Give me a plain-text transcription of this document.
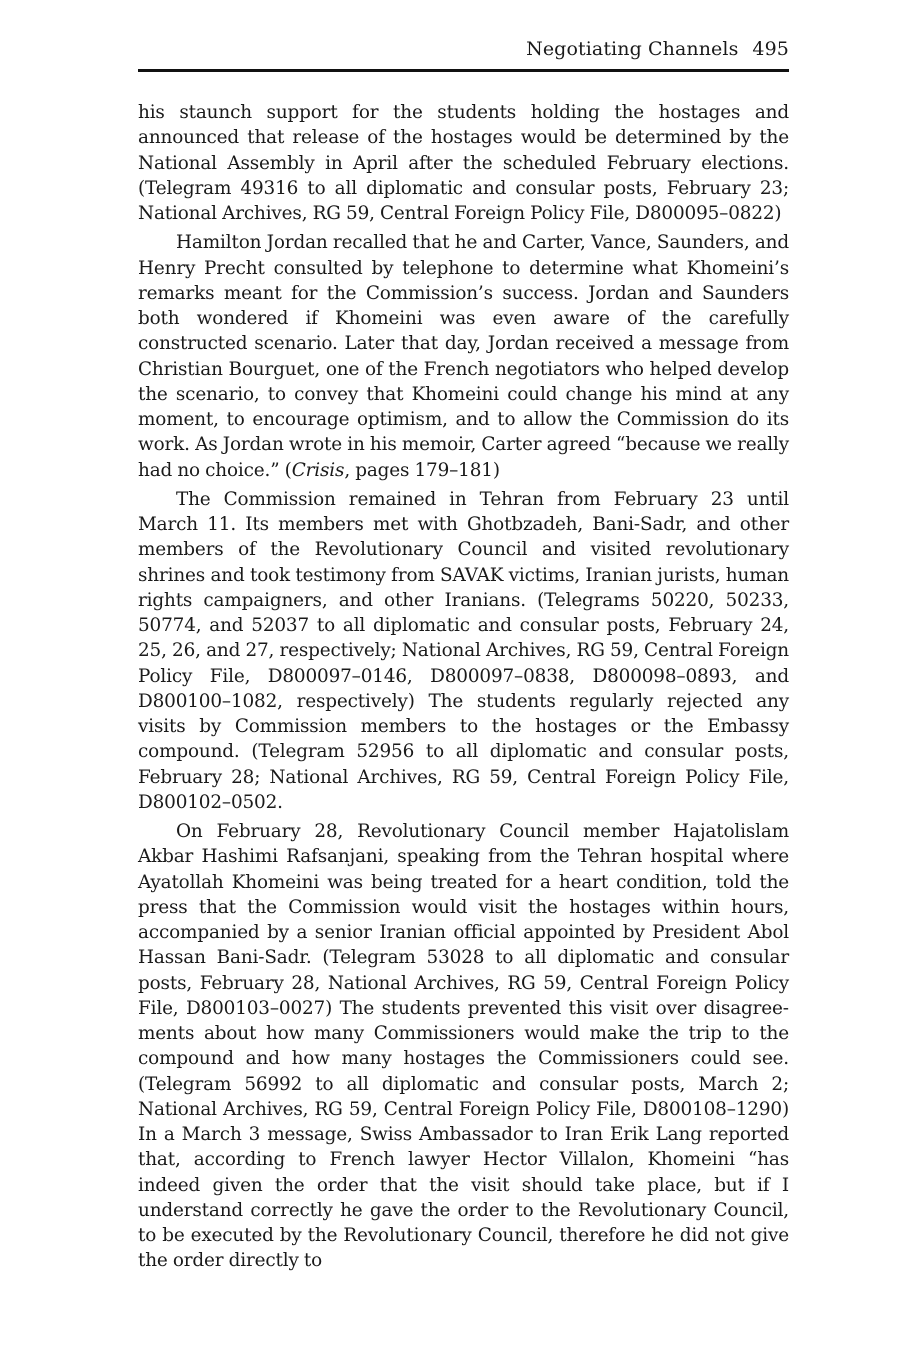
Negotiating Channels 495

his staunch support for the students holding the hostages and announced that release of the hostages would be determined by the National Assembly in April after the scheduled February elections. (Telegram 49316 to all diplomatic and consular posts, February 23; National Archives, RG 59, Central Foreign Policy File, D800095–0822)

Hamilton Jordan recalled that he and Carter, Vance, Saunders, and Henry Precht consulted by telephone to determine what Khomeini’s remarks meant for the Commission’s success. Jordan and Saunders both wondered if Khomeini was even aware of the carefully constructed scenario. Later that day, Jordan received a message from Christian Bourguet, one of the French negotiators who helped develop the scenario, to convey that Khomeini could change his mind at any moment, to encourage optimism, and to allow the Commission do its work. As Jordan wrote in his memoir, Carter agreed “because we really had no choice.” (Crisis, pages 179–181)

The Commission remained in Tehran from February 23 until March 11. Its members met with Ghotbzadeh, Bani-Sadr, and other members of the Revolutionary Council and visited revolutionary shrines and took testimony from SAVAK victims, Iranian jurists, human rights campaigners, and other Iranians. (Telegrams 50220, 50233, 50774, and 52037 to all diplomatic and consular posts, February 24, 25, 26, and 27, respectively; National Archives, RG 59, Central Foreign Policy File, D800097–0146, D800097–0838, D800098–0893, and D800100–1082, respectively) The students regularly rejected any visits by Commission members to the hostages or the Embassy compound. (Telegram 52956 to all diplomatic and consular posts, February 28; National Archives, RG 59, Central Foreign Policy File, D800102–0502.

On February 28, Revolutionary Council member Hajatolislam Akbar Hashimi Rafsanjani, speaking from the Tehran hospital where Ayatollah Khomeini was being treated for a heart condition, told the press that the Commission would visit the hostages within hours, accompanied by a senior Iranian official appointed by President Abol Hassan Bani-Sadr. (Telegram 53028 to all diplomatic and consular posts, February 28, National Archives, RG 59, Central Foreign Policy File, D800103–0027) The students prevented this visit over disagreements about how many Commissioners would make the trip to the compound and how many hostages the Commissioners could see. (Telegram 56992 to all diplomatic and consular posts, March 2; National Archives, RG 59, Central Foreign Policy File, D800108–1290) In a March 3 message, Swiss Ambassador to Iran Erik Lang reported that, according to French lawyer Hector Villalon, Khomeini “has indeed given the order that the visit should take place, but if I understand correctly he gave the order to the Revolutionary Council, to be executed by the Revolutionary Council, therefore he did not give the order directly to
